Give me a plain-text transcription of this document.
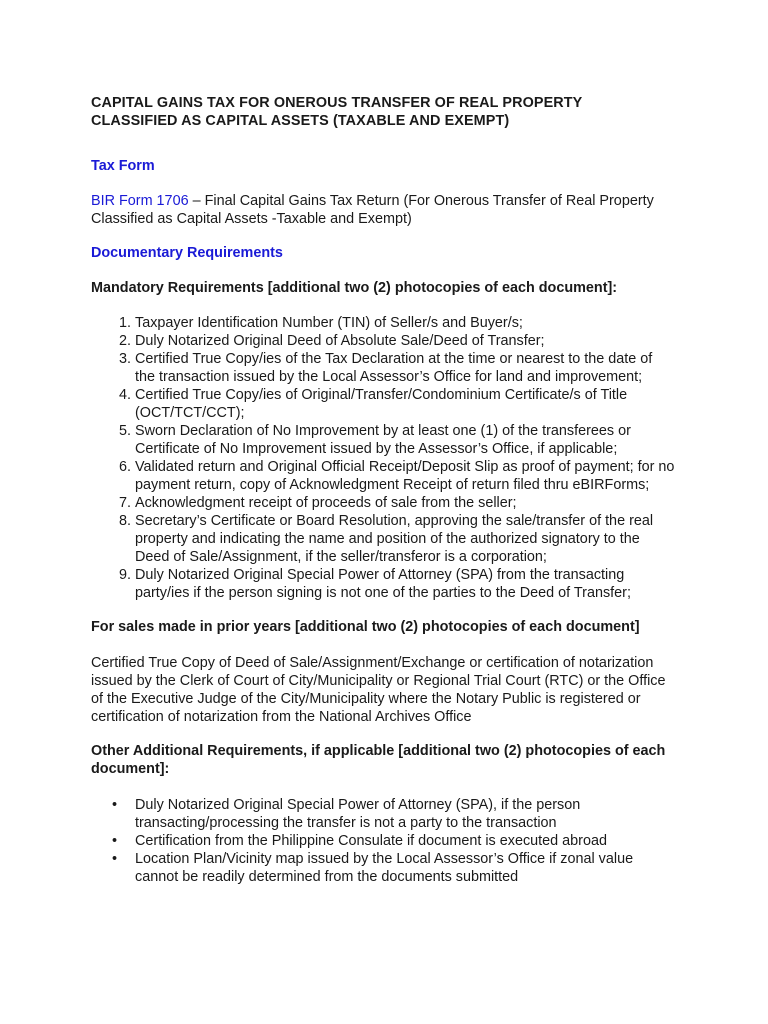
CAPITAL GAINS TAX FOR ONEROUS TRANSFER OF REAL PROPERTY
CLASSIFIED AS CAPITAL ASSETS (TAXABLE AND EXEMPT)

Tax Form

BIR Form 1706 – Final Capital Gains Tax Return (For Onerous Transfer of Real Property Classified as Capital Assets -Taxable and Exempt)

Documentary Requirements

Mandatory Requirements [additional two (2) photocopies of each document]:

1. Taxpayer Identification Number (TIN) of Seller/s and Buyer/s;
2. Duly Notarized Original Deed of Absolute Sale/Deed of Transfer;
3. Certified True Copy/ies of the Tax Declaration at the time or nearest to the date of the transaction issued by the Local Assessor’s Office for land and improvement;
4. Certified True Copy/ies of Original/Transfer/Condominium Certificate/s of Title (OCT/TCT/CCT);
5. Sworn Declaration of No Improvement by at least one (1) of the transferees or Certificate of No Improvement issued by the Assessor’s Office, if applicable;
6. Validated return and Original Official Receipt/Deposit Slip as proof of payment; for no payment return, copy of Acknowledgment Receipt of return filed thru eBIRForms;
7. Acknowledgment receipt of proceeds of sale from the seller;
8. Secretary’s Certificate or Board Resolution, approving the sale/transfer of the real property and indicating the name and position of the authorized signatory to the Deed of Sale/Assignment, if the seller/transferor is a corporation;
9. Duly Notarized Original Special Power of Attorney (SPA) from the transacting party/ies if the person signing is not one of the parties to the Deed of Transfer;

For sales made in prior years [additional two (2) photocopies of each document]

Certified True Copy of Deed of Sale/Assignment/Exchange or certification of notarization issued by the Clerk of Court of City/Municipality or Regional Trial Court (RTC) or the Office of the Executive Judge of the City/Municipality where the Notary Public is registered or certification of notarization from the National Archives Office

Other Additional Requirements, if applicable [additional two (2) photocopies of each document]:

• Duly Notarized Original Special Power of Attorney (SPA), if the person transacting/processing the transfer is not a party to the transaction
• Certification from the Philippine Consulate if document is executed abroad
• Location Plan/Vicinity map issued by the Local Assessor’s Office if zonal value cannot be readily determined from the documents submitted
